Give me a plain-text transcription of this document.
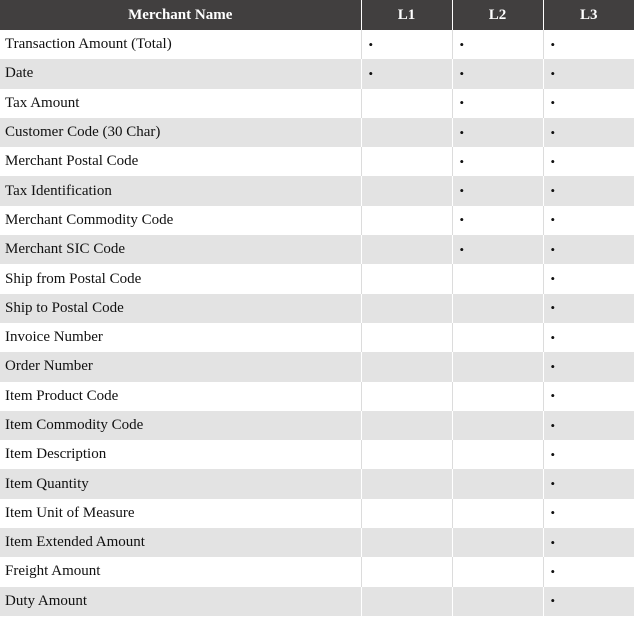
Merchant Name	L1	L2	L3
Transaction Amount (Total)	•	•	•
Date	•	•	•
Tax Amount		•	•
Customer Code (30 Char)		•	•
Merchant Postal Code		•	•
Tax Identification		•	•
Merchant Commodity Code		•	•
Merchant SIC Code		•	•
Ship from Postal Code			•
Ship to Postal Code			•
Invoice Number			•
Order Number			•
Item Product Code			•
Item Commodity Code			•
Item Description			•
Item Quantity			•
Item Unit of Measure			•
Item Extended Amount			•
Freight Amount			•
Duty Amount			•
